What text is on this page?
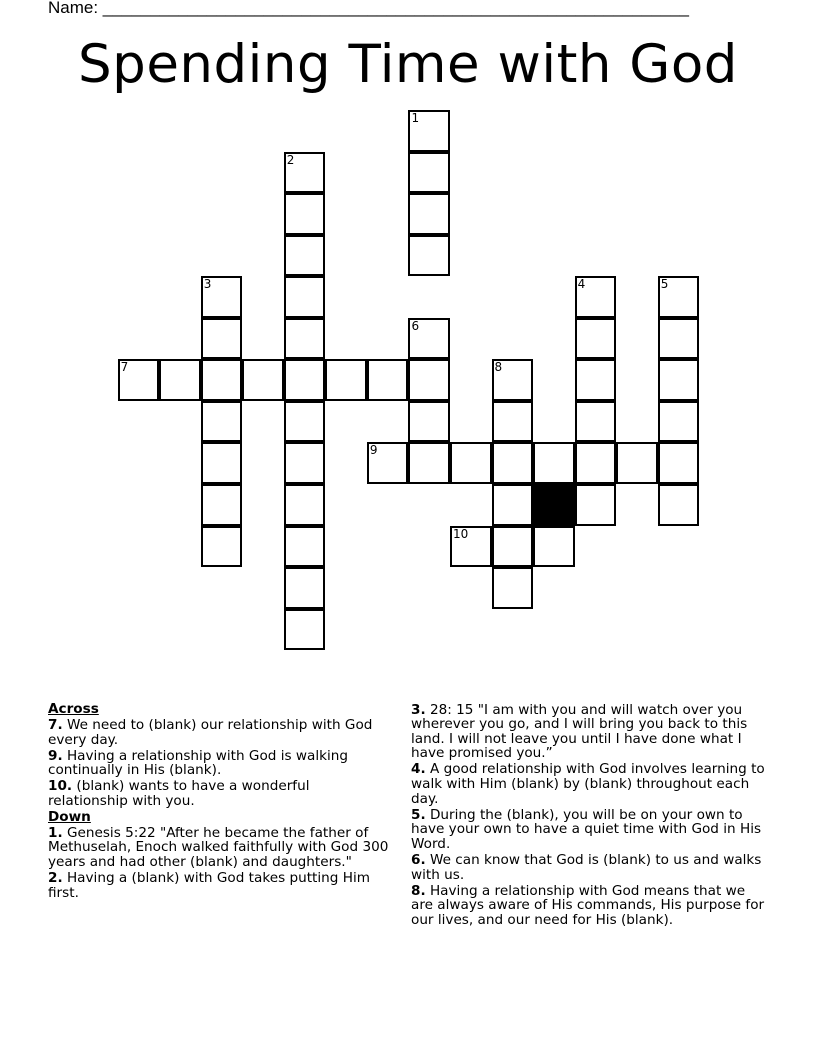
Name: ______________________________________________________________
Spending Time with God
1
2
3	4	5
6
7	8
9
10
Across
7. We need to (blank) our relationship with God every day.
9. Having a relationship with God is walking continually in His (blank).
10. (blank) wants to have a wonderful relationship with you.
Down
1. Genesis 5:22 "After he became the father of Methuselah, Enoch walked faithfully with God 300 years and had other (blank) and daughters."
2. Having a (blank) with God takes putting Him first.
3. 28: 15 "I am with you and will watch over you wherever you go, and I will bring you back to this land. I will not leave you until I have done what I have promised you.”
4. A good relationship with God involves learning to walk with Him (blank) by (blank) throughout each day.
5. During the (blank), you will be on your own to have your own to have a quiet time with God in His Word.
6. We can know that God is (blank) to us and walks with us.
8. Having a relationship with God means that we are always aware of His commands, His purpose for our lives, and our need for His (blank).
